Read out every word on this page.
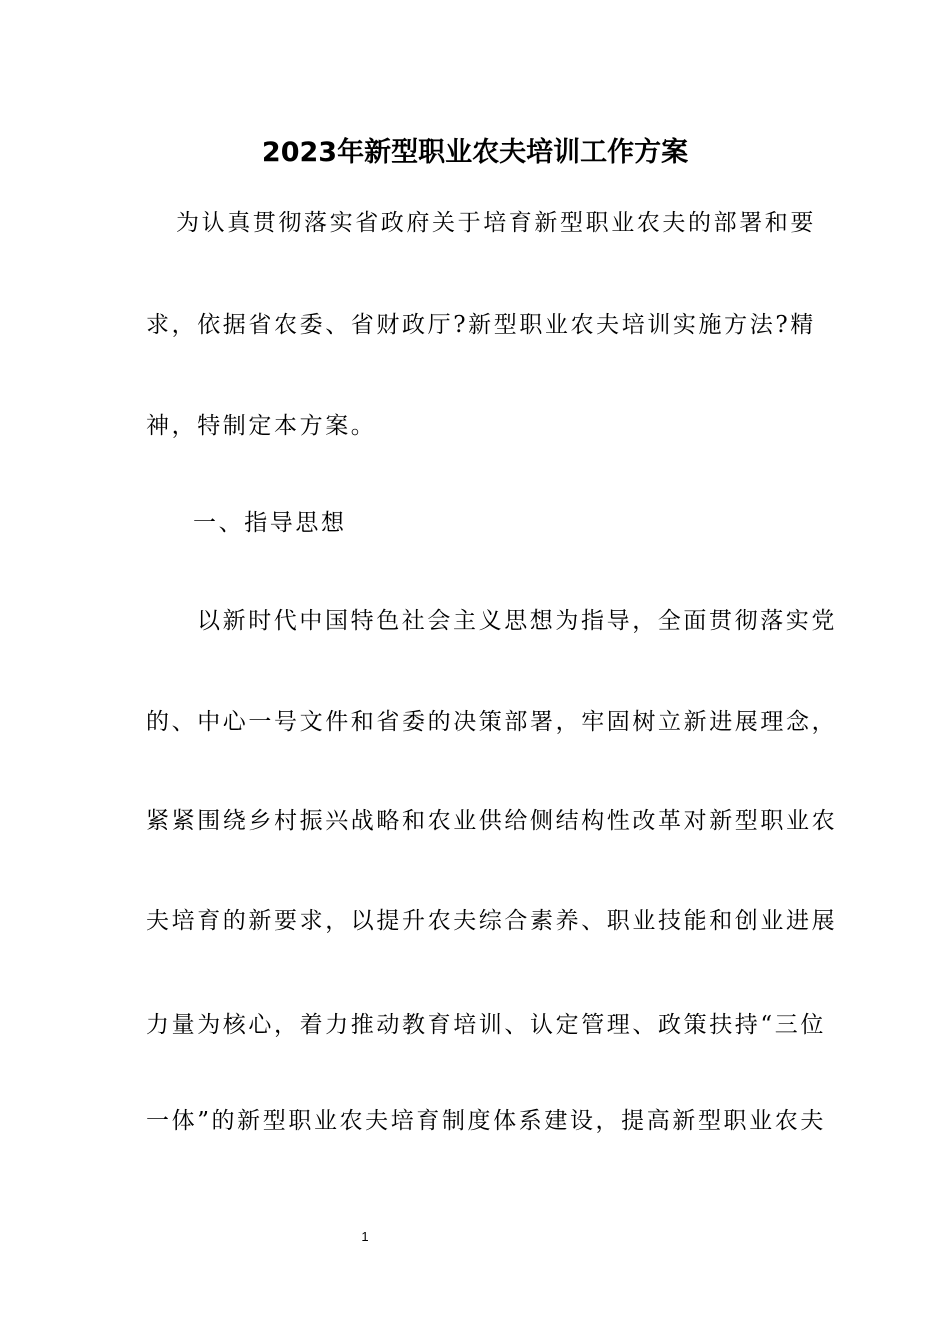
2023年新型职业农夫培训工作方案

为认真贯彻落实省政府关于培育新型职业农夫的部署和要

求，依据省农委、省财政厅?新型职业农夫培训实施方法?精

神，特制定本方案。

一、指导思想

以新时代中国特色社会主义思想为指导，全面贯彻落实党

的、中心一号文件和省委的决策部署，牢固树立新进展理念，

紧紧围绕乡村振兴战略和农业供给侧结构性改革对新型职业农

夫培育的新要求，以提升农夫综合素养、职业技能和创业进展

力量为核心，着力推动教育培训、认定管理、政策扶持“三位

一体”的新型职业农夫培育制度体系建设，提高新型职业农夫

1
